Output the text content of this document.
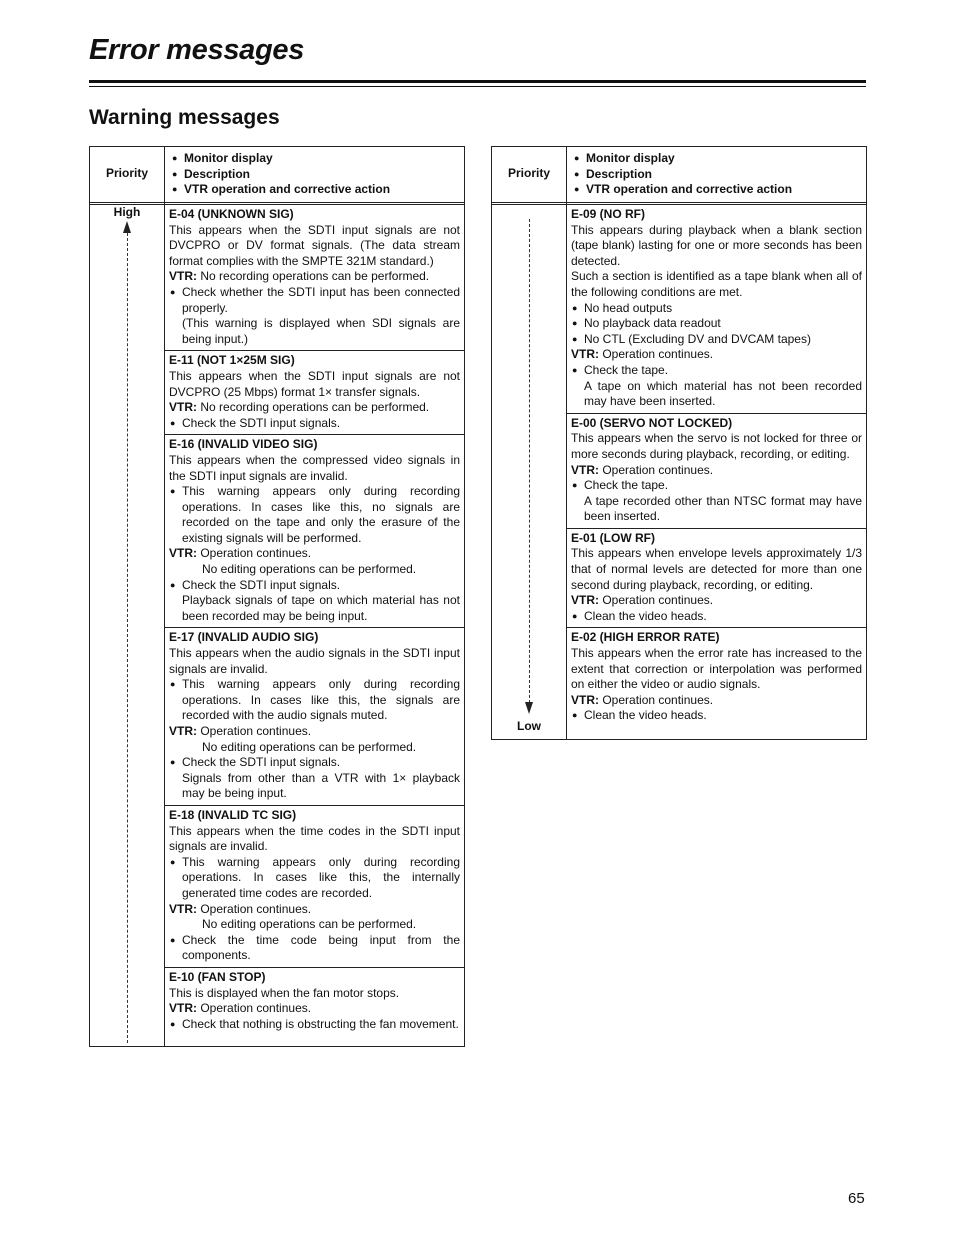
Error messages
Warning messages
Priority
● Monitor display
● Description
● VTR operation and corrective action
High	E-04 (UNKNOWN SIG)
This appears when the SDTI input signals are not DVCPRO or DV format signals. (The data stream format complies with the SMPTE 321M standard.)
VTR: No recording operations can be performed.
● Check whether the SDTI input has been connected properly.
(This warning is displayed when SDI signals are being input.)
E-11 (NOT 1×25M SIG)
This appears when the SDTI input signals are not DVCPRO (25 Mbps) format 1× transfer signals.
VTR: No recording operations can be performed.
● Check the SDTI input signals.
E-16 (INVALID VIDEO SIG)
This appears when the compressed video signals in the SDTI input signals are invalid.
● This warning appears only during recording operations. In cases like this, no signals are recorded on the tape and only the erasure of the existing signals will be performed.
VTR: Operation continues.
No editing operations can be performed.
● Check the SDTI input signals.
Playback signals of tape on which material has not been recorded may be being input.
E-17 (INVALID AUDIO SIG)
This appears when the audio signals in the SDTI input signals are invalid.
● This warning appears only during recording operations. In cases like this, the signals are recorded with the audio signals muted.
VTR: Operation continues.
No editing operations can be performed.
● Check the SDTI input signals.
Signals from other than a VTR with 1× playback may be being input.
E-18 (INVALID TC SIG)
This appears when the time codes in the SDTI input signals are invalid.
● This warning appears only during recording operations. In cases like this, the internally generated time codes are recorded.
VTR: Operation continues.
No editing operations can be performed.
● Check the time code being input from the components.
E-10 (FAN STOP)
This is displayed when the fan motor stops.
VTR: Operation continues.
● Check that nothing is obstructing the fan movement.
Priority
● Monitor display
● Description
● VTR operation and corrective action
Low
E-09 (NO RF)
This appears during playback when a blank section (tape blank) lasting for one or more seconds has been detected.
Such a section is identified as a tape blank when all of the following conditions are met.
● No head outputs
● No playback data readout
● No CTL (Excluding DV and DVCAM tapes)
VTR: Operation continues.
● Check the tape.
A tape on which material has not been recorded may have been inserted.
E-00 (SERVO NOT LOCKED)
This appears when the servo is not locked for three or more seconds during playback, recording, or editing.
VTR: Operation continues.
● Check the tape.
A tape recorded other than NTSC format may have been inserted.
E-01 (LOW RF)
This appears when envelope levels approximately 1/3 that of normal levels are detected for more than one second during playback, recording, or editing.
VTR: Operation continues.
● Clean the video heads.
E-02 (HIGH ERROR RATE)
This appears when the error rate has increased to the extent that correction or interpolation was performed on either the video or audio signals.
VTR: Operation continues.
● Clean the video heads.
65
